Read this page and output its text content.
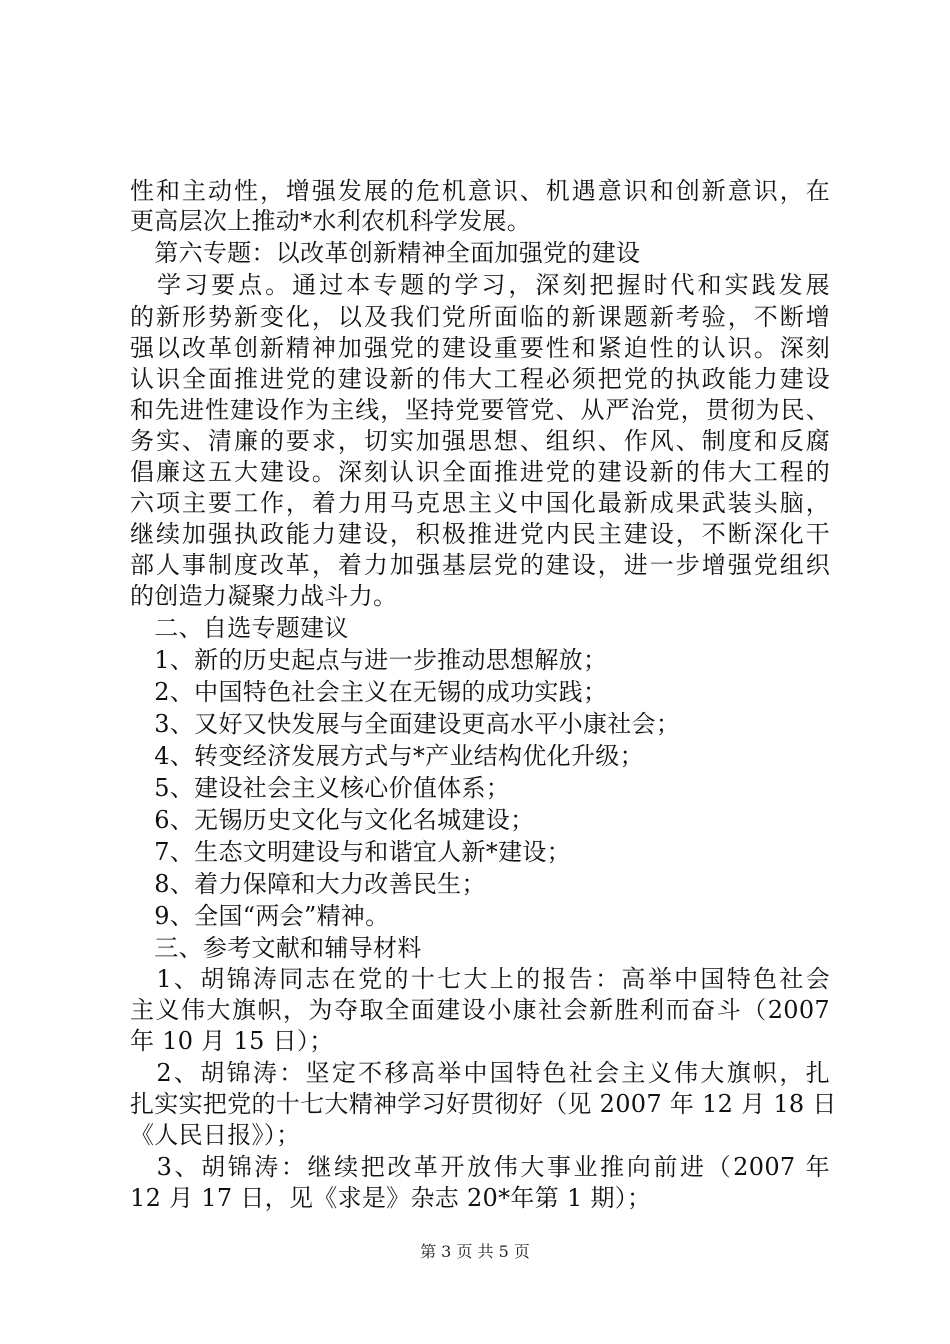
性和主动性，增强发展的危机意识、机遇意识和创新意识，在
更高层次上推动*水利农机科学发展。
　第六专题：以改革创新精神全面加强党的建设
　学习要点。通过本专题的学习，深刻把握时代和实践发展
的新形势新变化，以及我们党所面临的新课题新考验，不断增
强以改革创新精神加强党的建设重要性和紧迫性的认识。深刻
认识全面推进党的建设新的伟大工程必须把党的执政能力建设
和先进性建设作为主线，坚持党要管党、从严治党，贯彻为民、
务实、清廉的要求，切实加强思想、组织、作风、制度和反腐
倡廉这五大建设。深刻认识全面推进党的建设新的伟大工程的
六项主要工作，着力用马克思主义中国化最新成果武装头脑，
继续加强执政能力建设，积极推进党内民主建设，不断深化干
部人事制度改革，着力加强基层党的建设，进一步增强党组织
的创造力凝聚力战斗力。
　二、自选专题建议
　1、新的历史起点与进一步推动思想解放；
　2、中国特色社会主义在无锡的成功实践；
　3、又好又快发展与全面建设更高水平小康社会；
　4、转变经济发展方式与*产业结构优化升级；
　5、建设社会主义核心价值体系；
　6、无锡历史文化与文化名城建设；
　7、生态文明建设与和谐宜人新*建设；
　8、着力保障和大力改善民生；
　9、全国“两会”精神。
　三、参考文献和辅导材料
　1、胡锦涛同志在党的十七大上的报告：高举中国特色社会
主义伟大旗帜，为夺取全面建设小康社会新胜利而奋斗（2007
年 10 月 15 日）；
　2、胡锦涛：坚定不移高举中国特色社会主义伟大旗帜，扎
扎实实把党的十七大精神学习好贯彻好（见 2007 年 12 月 18 日
《人民日报》）；
　3、胡锦涛：继续把改革开放伟大事业推向前进（2007 年
12 月 17 日，见《求是》杂志 20*年第 1 期）；
第 3 页 共 5 页
